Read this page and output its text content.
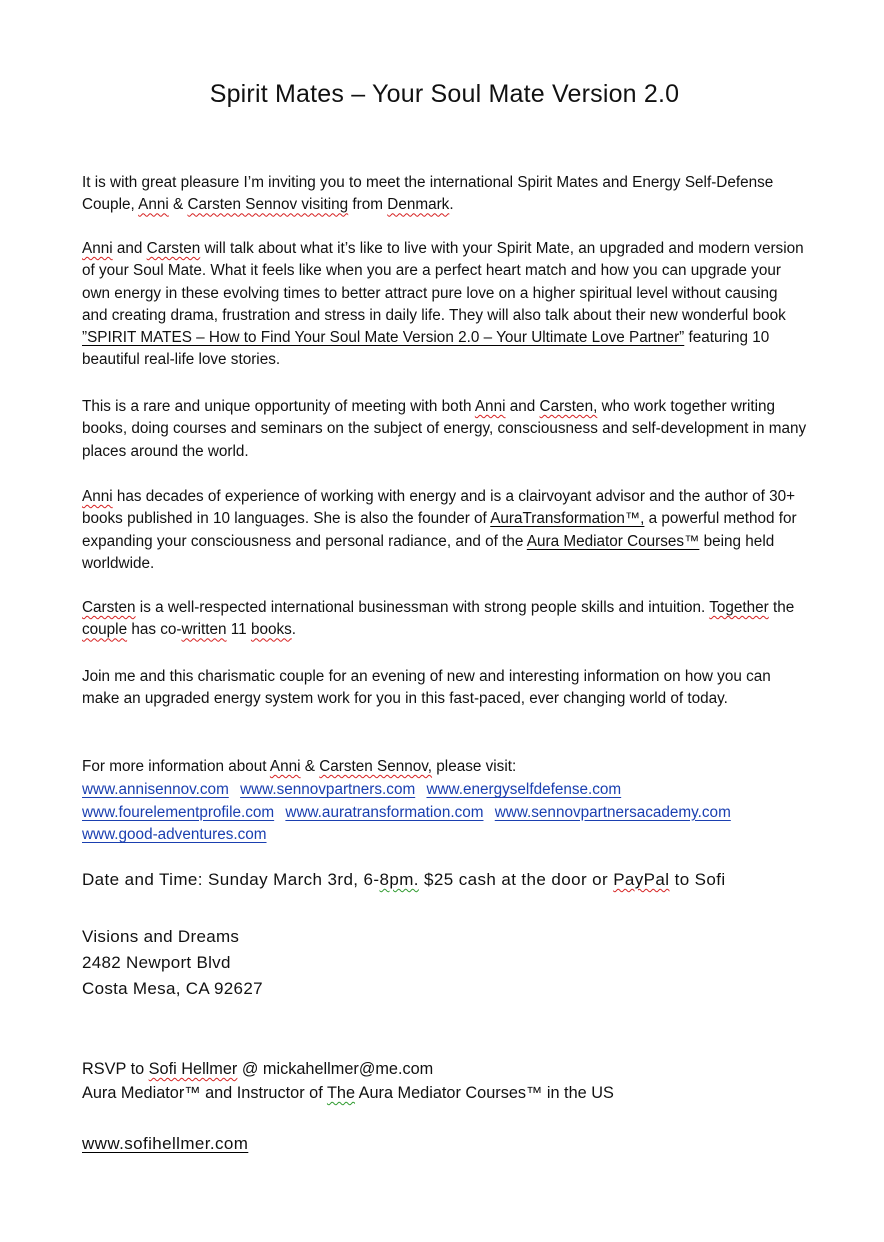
Spirit Mates – Your Soul Mate Version 2.0

It is with great pleasure I’m inviting you to meet the international Spirit Mates and Energy Self-Defense Couple, Anni & Carsten Sennov visiting from Denmark.

Anni and Carsten will talk about what it’s like to live with your Spirit Mate, an upgraded and modern version of your Soul Mate. What it feels like when you are a perfect heart match and how you can upgrade your own energy in these evolving times to better attract pure love on a higher spiritual level without causing and creating drama, frustration and stress in daily life. They will also talk about their new wonderful book ”SPIRIT MATES – How to Find Your Soul Mate Version 2.0 – Your Ultimate Love Partner” featuring 10 beautiful real-life love stories.

This is a rare and unique opportunity of meeting with both Anni and Carsten, who work together writing books, doing courses and seminars on the subject of energy, consciousness and self-development in many places around the world.

Anni has decades of experience of working with energy and is a clairvoyant advisor and the author of 30+ books published in 10 languages. She is also the founder of AuraTransformation™, a powerful method for expanding your consciousness and personal radiance, and of the Aura Mediator Courses™ being held worldwide.

Carsten is a well-respected international businessman with strong people skills and intuition. Together the couple has co-written 11 books.

Join me and this charismatic couple for an evening of new and interesting information on how you can make an upgraded energy system work for you in this fast-paced, ever changing world of today.

For more information about Anni & Carsten Sennov, please visit:

www.annisennov.com www.sennovpartners.com www.energyselfdefense.com
www.fourelementprofile.com www.auratransformation.com www.sennovpartnersacademy.com
www.good-adventures.com
Date and Time: Sunday March 3rd, 6-8pm. $25 cash at the door or PayPal to Sofi
Visions and Dreams
2482 Newport Blvd
Costa Mesa, CA 92627
RSVP to Sofi Hellmer @ mickahellmer@me.com
Aura Mediator™ and Instructor of The Aura Mediator Courses™ in the US
www.sofihellmer.com
